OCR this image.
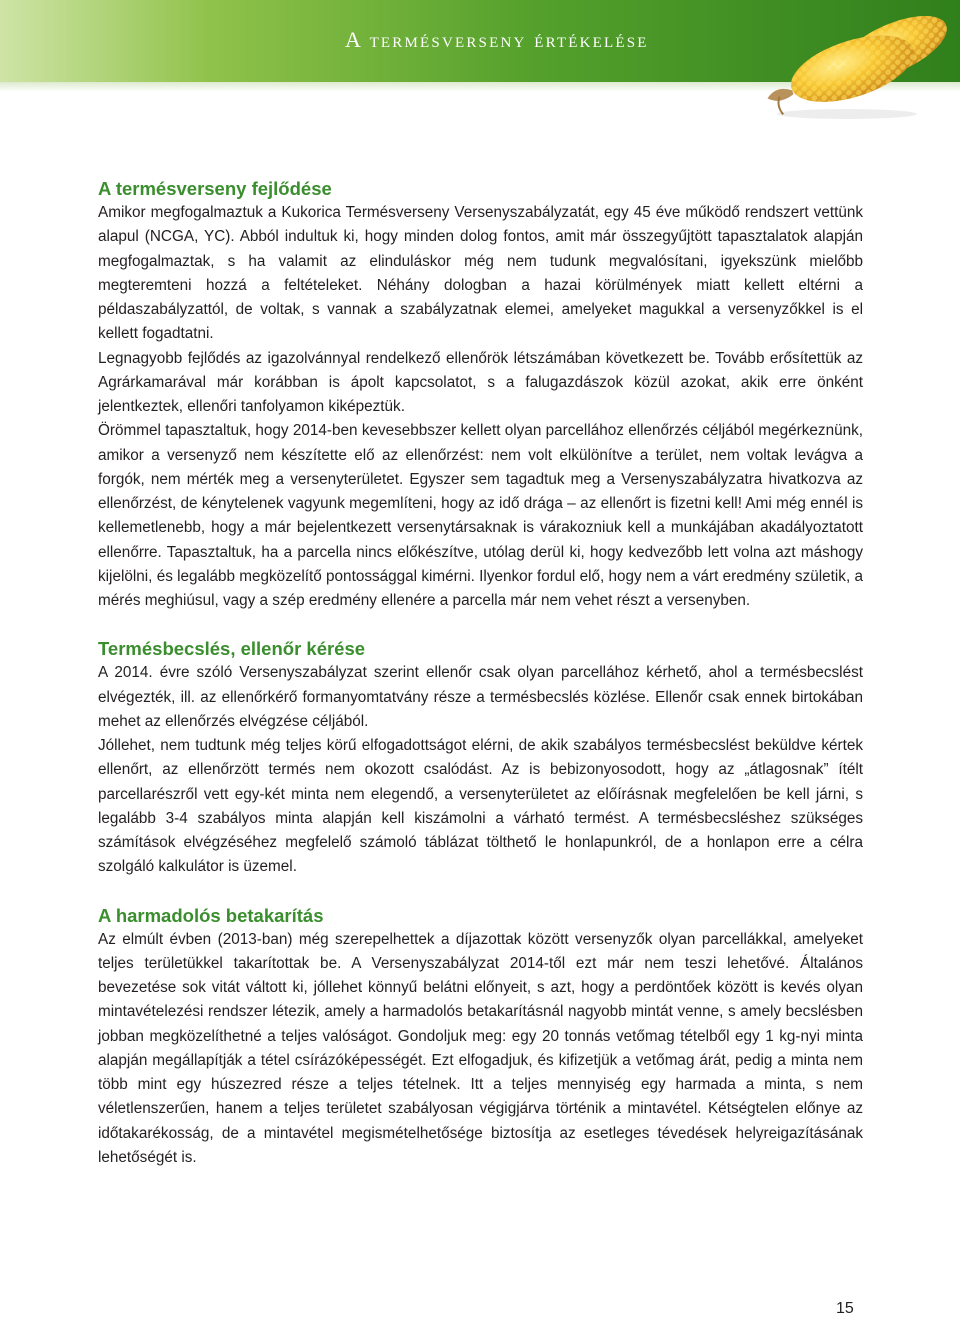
A termésverseny értékelése
A termésverseny fejlődése

Amikor megfogalmaztuk a Kukorica Termésverseny Versenyszabályzatát, egy 45 éve működő rendszert vettünk alapul (NCGA, YC). Abból indultuk ki, hogy minden dolog fontos, amit már összegyűjtött tapasztalatok alapján megfogalmaztak, s ha valamit az elinduláskor még nem tudunk megvalósítani, igyekszünk mielőbb megteremteni hozzá a feltételeket. Néhány dologban a hazai körülmények miatt kellett eltérni a példaszabályzattól, de voltak, s vannak a szabályzatnak elemei, amelyeket magukkal a versenyzőkkel is el kellett fogadtatni.

Legnagyobb fejlődés az igazolvánnyal rendelkező ellenőrök létszámában következett be. Tovább erősítettük az Agrárkamarával már korábban is ápolt kapcsolatot, s a falugazdászok közül azokat, akik erre önként jelentkeztek, ellenőri tanfolyamon kiképeztük.

Örömmel tapasztaltuk, hogy 2014-ben kevesebbszer kellett olyan parcellához ellenőrzés céljából megérkeznünk, amikor a versenyző nem készítette elő az ellenőrzést: nem volt elkülönítve a terület, nem voltak levágva a forgók, nem mérték meg a versenyterületet. Egyszer sem tagadtuk meg a Versenyszabályzatra hivatkozva az ellenőrzést, de kénytelenek vagyunk megemlíteni, hogy az idő drága – az ellenőrt is fizetni kell! Ami még ennél is kellemetlenebb, hogy a már bejelentkezett versenytársaknak is várakozniuk kell a munkájában akadályoztatott ellenőrre. Tapasztaltuk, ha a parcella nincs előkészítve, utólag derül ki, hogy kedvezőbb lett volna azt máshogy kijelölni, és legalább megközelítő pontossággal kimérni. Ilyenkor fordul elő, hogy nem a várt eredmény születik, a mérés meghiúsul, vagy a szép eredmény ellenére a parcella már nem vehet részt a versenyben.

Termésbecslés, ellenőr kérése

A 2014. évre szóló Versenyszabályzat szerint ellenőr csak olyan parcellához kérhető, ahol a termésbecslést elvégezték, ill. az ellenőrkérő formanyomtatvány része a termésbecslés közlése. Ellenőr csak ennek birtokában mehet az ellenőrzés elvégzése céljából.

Jóllehet, nem tudtunk még teljes körű elfogadottságot elérni, de akik szabályos termésbecslést beküldve kértek ellenőrt, az ellenőrzött termés nem okozott csalódást. Az is bebizonyosodott, hogy az „átlagosnak” ítélt parcellarészről vett egy-két minta nem elegendő, a versenyterületet az előírásnak megfelelően be kell járni, s legalább 3-4 szabályos minta alapján kell kiszámolni a várható termést. A termésbecsléshez szükséges számítások elvégzéséhez megfelelő számoló táblázat tölthető le honlapunkról, de a honlapon erre a célra szolgáló kalkulátor is üzemel.

A harmadolós betakarítás

Az elmúlt évben (2013-ban) még szerepelhettek a díjazottak között versenyzők olyan parcellákkal, amelyeket teljes területükkel takarítottak be. A Versenyszabályzat 2014-től ezt már nem teszi lehetővé. Általános bevezetése sok vitát váltott ki, jóllehet könnyű belátni előnyeit, s azt, hogy a perdöntőek között is kevés olyan mintavételezési rendszer létezik, amely a harmadolós betakarításnál nagyobb mintát venne, s amely becslésben jobban megközelíthetné a teljes valóságot. Gondoljuk meg: egy 20 tonnás vetőmag tételből egy 1 kg-nyi minta alapján megállapítják a tétel csírázóképességét. Ezt elfogadjuk, és kifizetjük a vetőmag árát, pedig a minta nem több mint egy húszezred része a teljes tételnek. Itt a teljes mennyiség egy harmada a minta, s nem véletlenszerűen, hanem a teljes területet szabályosan végigjárva történik a mintavétel. Kétségtelen előnye az időtakarékosság, de a mintavétel megismételhetősége biztosítja az esetleges tévedések helyreigazításának lehetőségét is.

15
